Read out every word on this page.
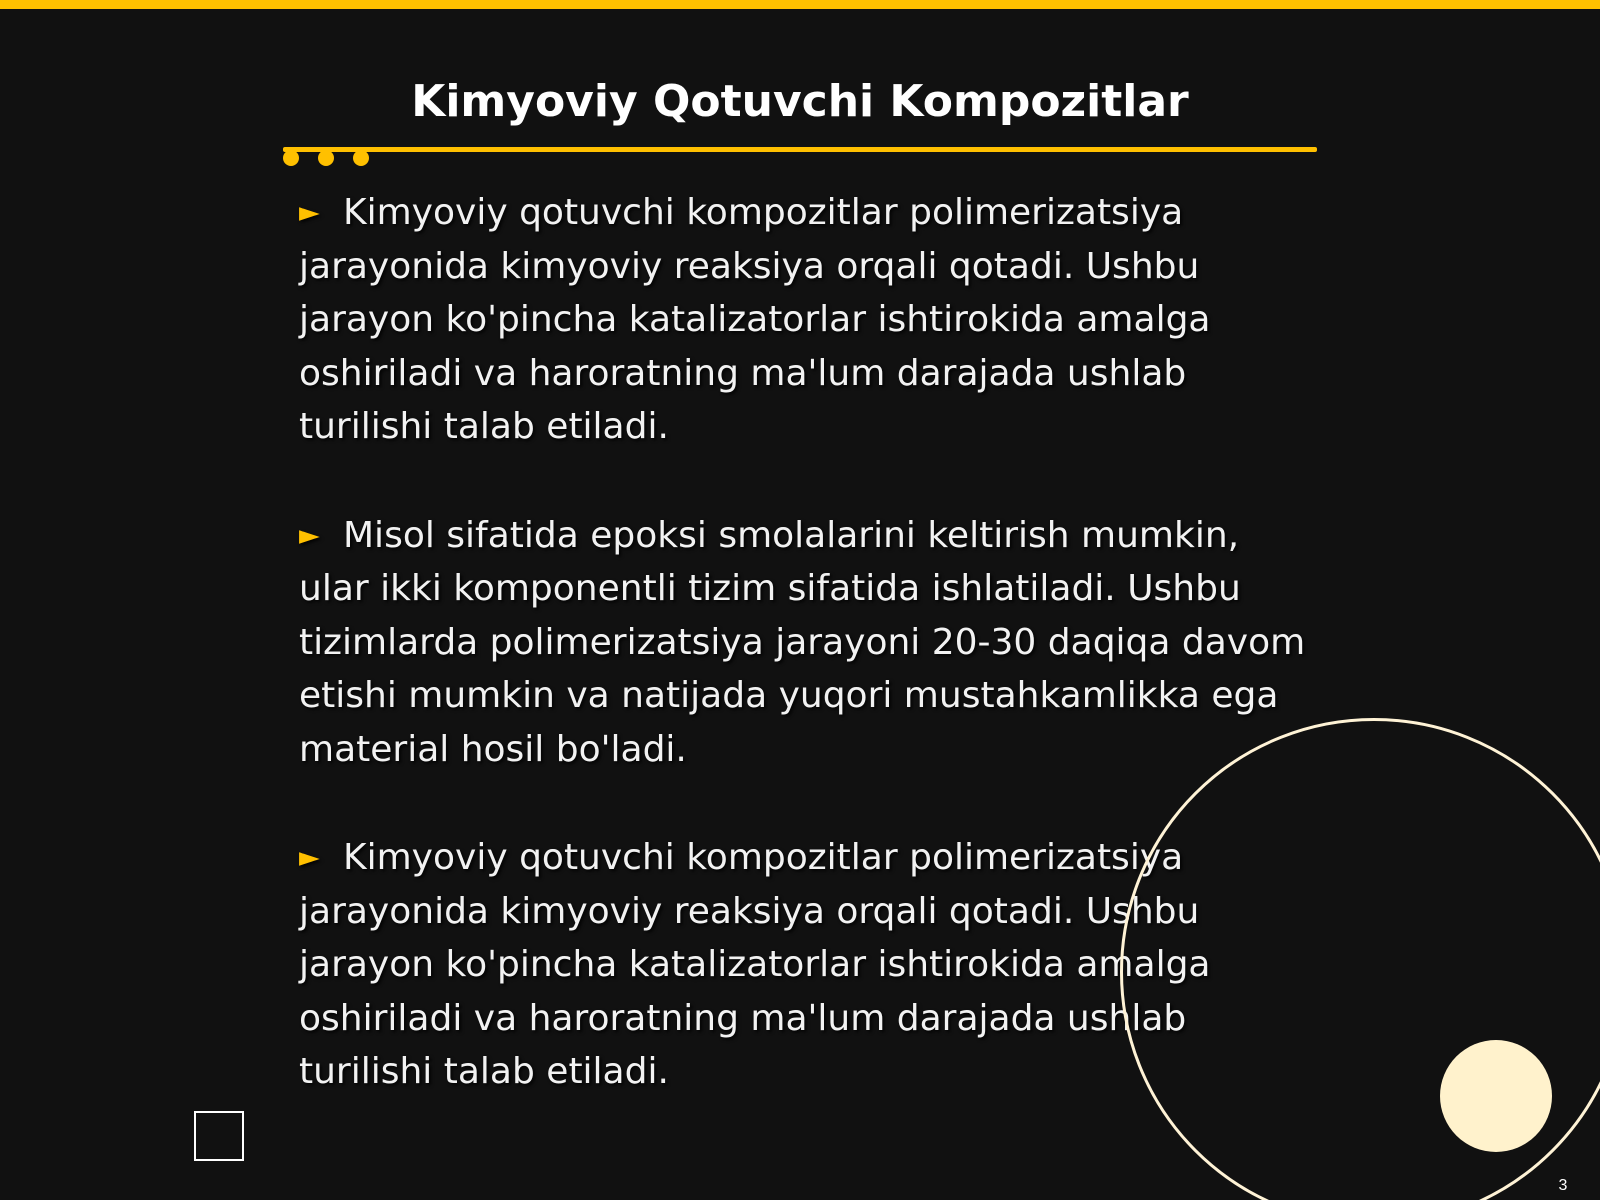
Kimyoviy Qotuvchi Kompozitlar

► Kimyoviy qotuvchi kompozitlar polimerizatsiya jarayonida kimyoviy reaksiya orqali qotadi. Ushbu jarayon ko'pincha katalizatorlar ishtirokida amalga oshiriladi va haroratning ma'lum darajada ushlab turilishi talab etiladi.

► Misol sifatida epoksi smolalarini keltirish mumkin, ular ikki komponentli tizim sifatida ishlatiladi. Ushbu tizimlarda polimerizatsiya jarayoni 20-30 daqiqa davom etishi mumkin va natijada yuqori mustahkamlikka ega material hosil bo'ladi.

► Kimyoviy qotuvchi kompozitlar polimerizatsiya jarayonida kimyoviy reaksiya orqali qotadi. Ushbu jarayon ko'pincha katalizatorlar ishtirokida amalga oshiriladi va haroratning ma'lum darajada ushlab turilishi talab etiladi.

3
